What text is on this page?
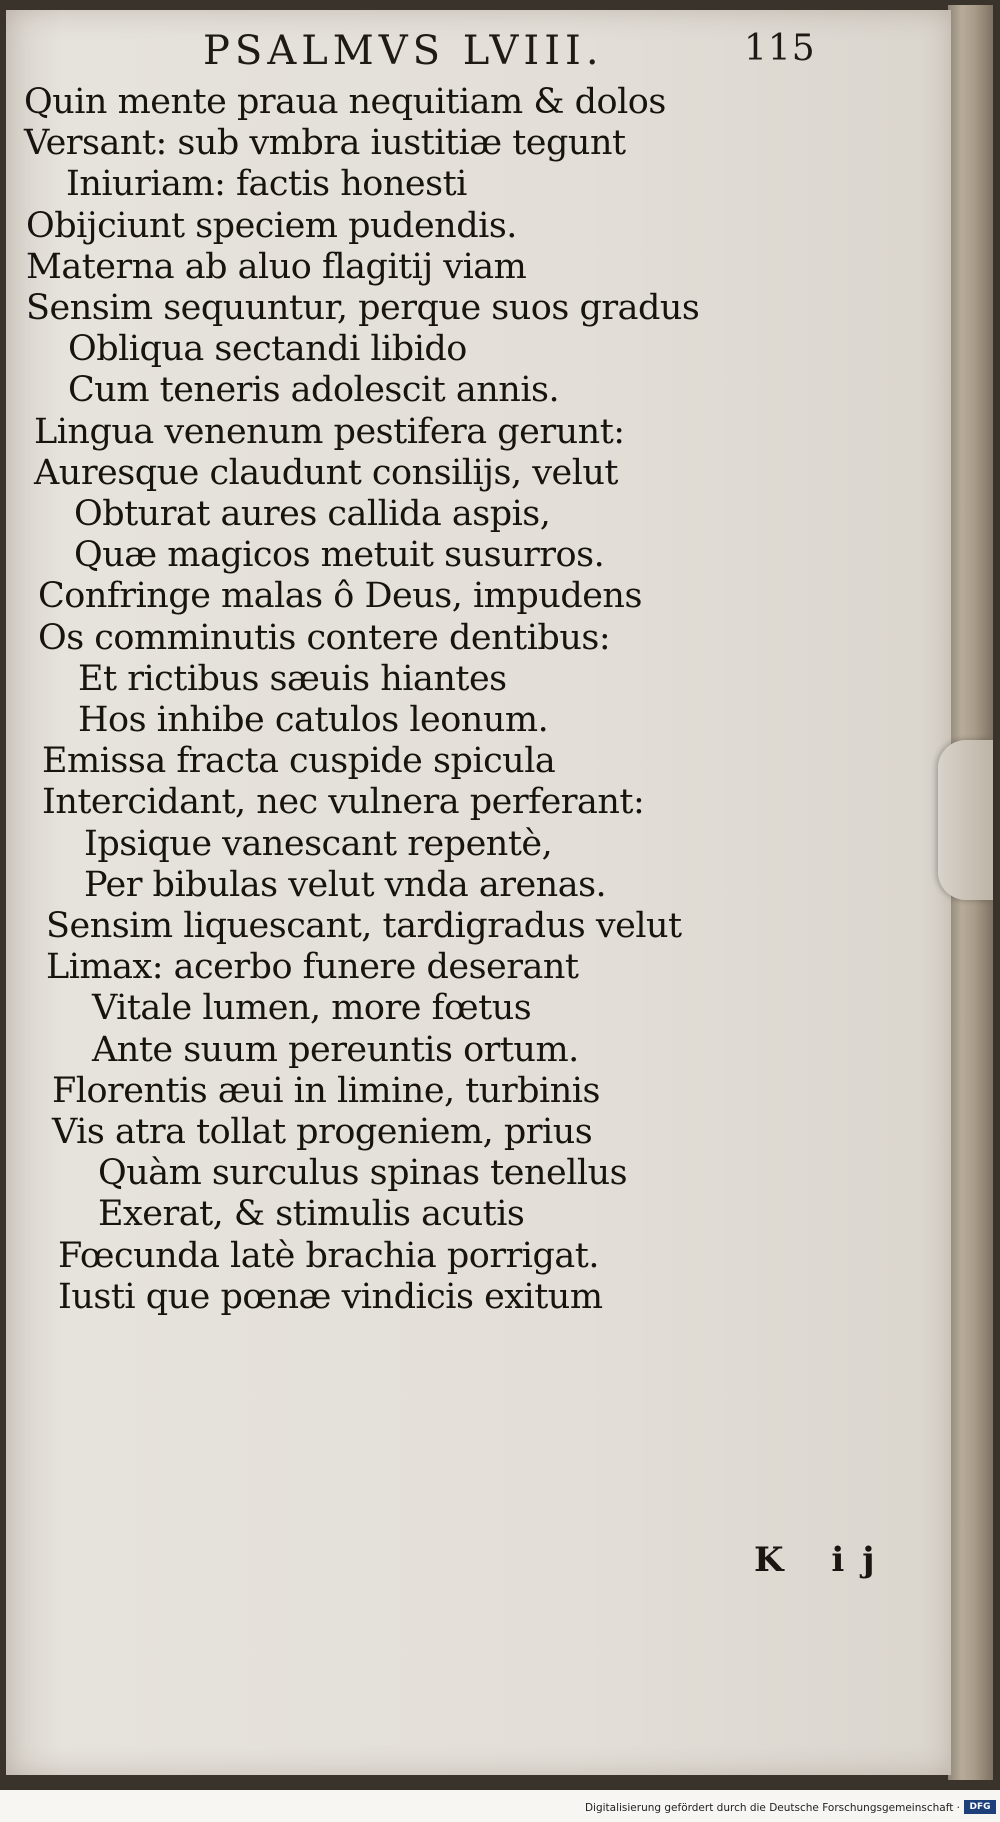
PSALMVS LVIII.	115
Quin mente praua nequitiam & dolos
Versant: sub vmbra iustitiæ tegunt
Iniuriam: factis honesti
Obijciunt speciem pudendis.
Materna ab aluo flagitij viam
Sensim sequuntur, perque suos gradus
Obliqua sectandi libido
Cum teneris adolescit annis.
Lingua venenum pestifera gerunt:
Auresque claudunt consilijs, velut
Obturat aures callida aspis,
Quæ magicos metuit susurros.
Confringe malas ô Deus, impudens
Os comminutis contere dentibus:
Et rictibus sæuis hiantes
Hos inhibe catulos leonum.
Emissa fracta cuspide spicula
Intercidant, nec vulnera perferant:
Ipsique vanescant repentè,
Per bibulas velut vnda arenas.
Sensim liquescant, tardigradus velut
Limax: acerbo funere deserant
Vitale lumen, more fœtus
Ante suum pereuntis ortum.
Florentis æui in limine, turbinis
Vis atra tollat progeniem, prius
Quàm surculus spinas tenellus
Exerat, & stimulis acutis
Fœcunda latè brachia porrigat.
Iusti que pœnæ vindicis exitum
K ij
Digitalisierung gefördert durch die Deutsche Forschungsgemeinschaft ·	DFG
